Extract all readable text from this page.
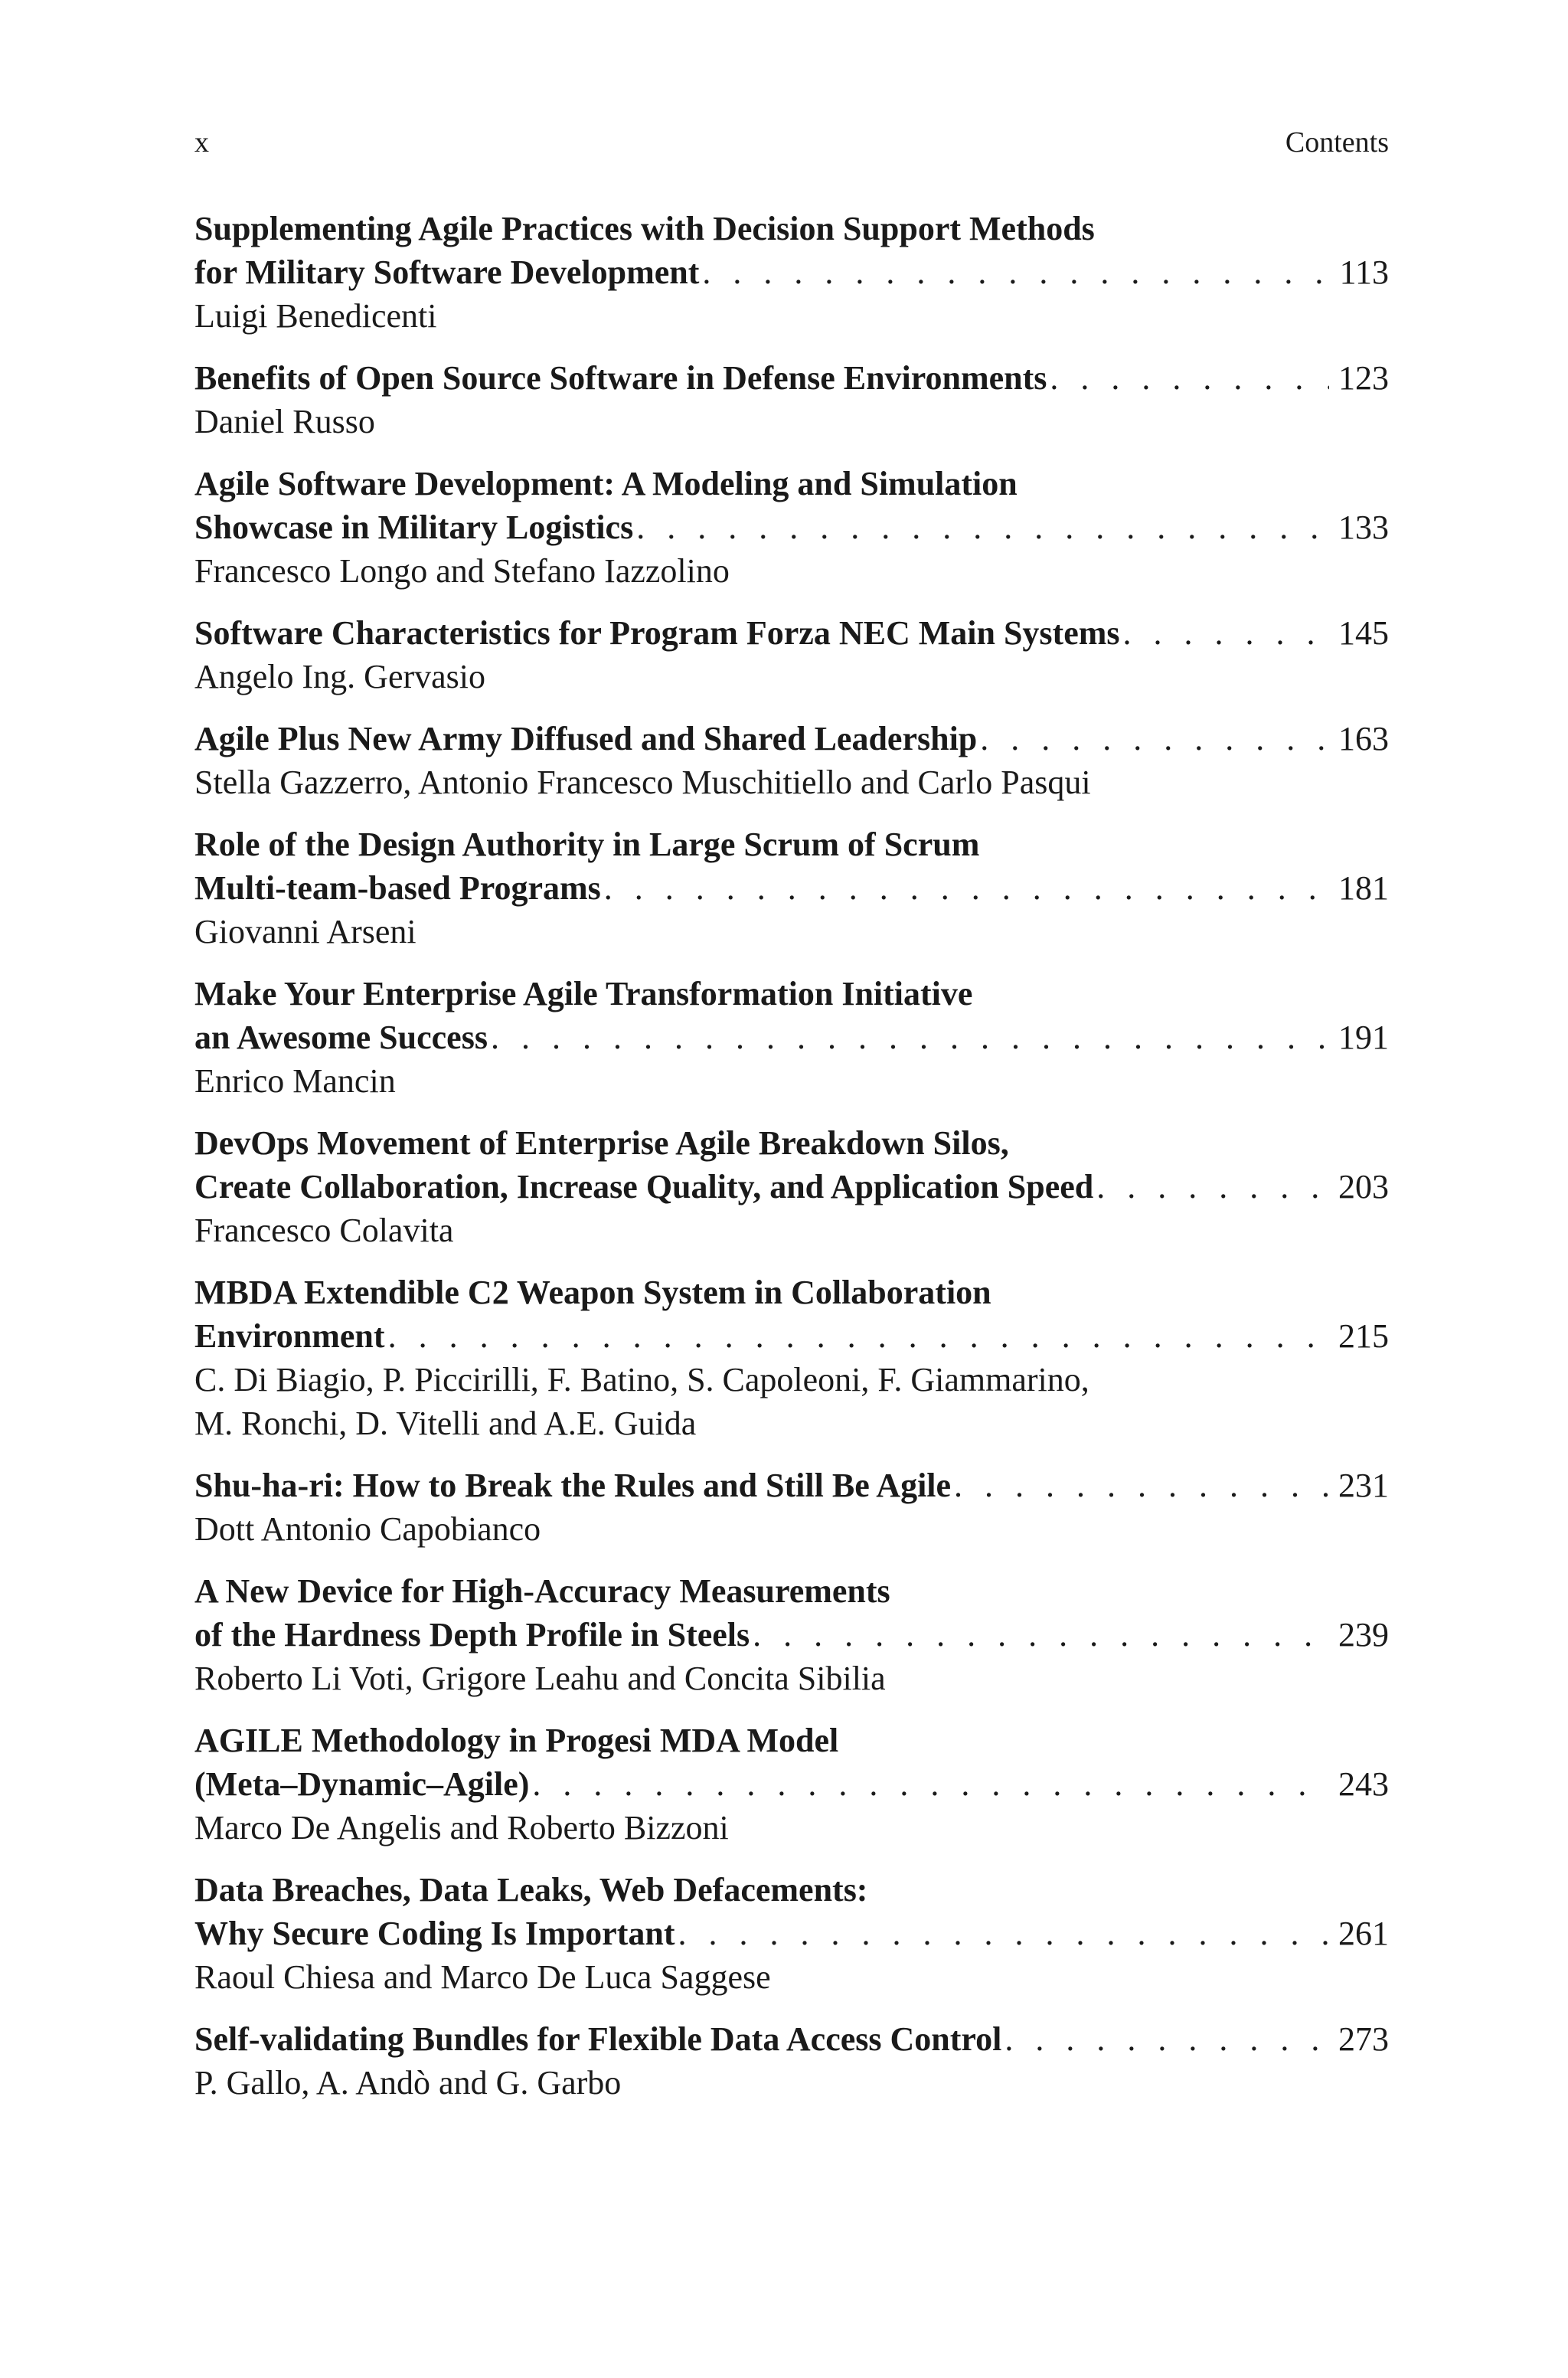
x	Contents
Supplementing Agile Practices with Decision Support Methods
for Military Software Development . . .	113
Luigi Benedicenti
Benefits of Open Source Software in Defense Environments . . .	123
Daniel Russo
Agile Software Development: A Modeling and Simulation
Showcase in Military Logistics . . .	133
Francesco Longo and Stefano Iazzolino
Software Characteristics for Program Forza NEC Main Systems . . .	145
Angelo Ing. Gervasio
Agile Plus New Army Diffused and Shared Leadership . . .	163
Stella Gazzerro, Antonio Francesco Muschitiello and Carlo Pasqui
Role of the Design Authority in Large Scrum of Scrum
Multi-team-based Programs . . .	181
Giovanni Arseni
Make Your Enterprise Agile Transformation Initiative
an Awesome Success . . .	191
Enrico Mancin
DevOps Movement of Enterprise Agile Breakdown Silos,
Create Collaboration, Increase Quality, and Application Speed . . .	203
Francesco Colavita
MBDA Extendible C2 Weapon System in Collaboration
Environment . . .	215
C. Di Biagio, P. Piccirilli, F. Batino, S. Capoleoni, F. Giammarino,
M. Ronchi, D. Vitelli and A.E. Guida
Shu-ha-ri: How to Break the Rules and Still Be Agile . . .	231
Dott Antonio Capobianco
A New Device for High-Accuracy Measurements
of the Hardness Depth Profile in Steels . . .	239
Roberto Li Voti, Grigore Leahu and Concita Sibilia
AGILE Methodology in Progesi MDA Model
(Meta–Dynamic–Agile) . . .	243
Marco De Angelis and Roberto Bizzoni
Data Breaches, Data Leaks, Web Defacements:
Why Secure Coding Is Important . . .	261
Raoul Chiesa and Marco De Luca Saggese
Self-validating Bundles for Flexible Data Access Control . . .	273
P. Gallo, A. Andò and G. Garbo
